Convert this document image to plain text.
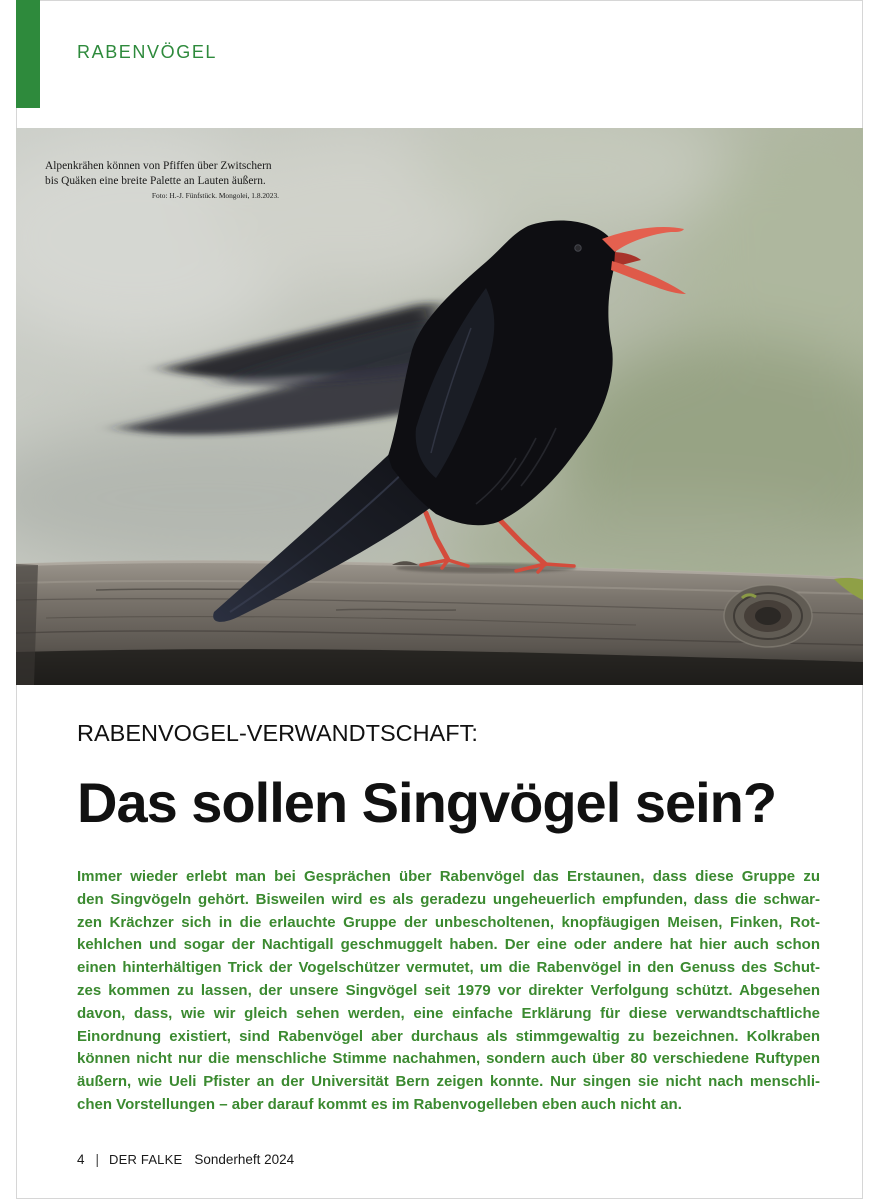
RABENVÖGEL
Alpenkrähen können von Pfiffen über Zwitschern
bis Quäken eine breite Palette an Lauten äußern.
Foto: H.-J. Fünfstück. Mongolei, 1.8.2023.
RABENVOGEL-VERWANDTSCHAFT:
Das sollen Singvögel sein?
Immer wieder erlebt man bei Gesprächen über Rabenvögel das Erstaunen, dass diese Gruppe zu
den Singvögeln gehört. Bisweilen wird es als geradezu ungeheuerlich empfunden, dass die schwar-
zen Krächzer sich in die erlauchte Gruppe der unbescholtenen, knopfäugigen Meisen, Finken, Rot-
kehlchen und sogar der Nachtigall geschmuggelt haben. Der eine oder andere hat hier auch schon
einen hinterhältigen Trick der Vogelschützer vermutet, um die Rabenvögel in den Genuss des Schut-
zes kommen zu lassen, der unsere Singvögel seit 1979 vor direkter Verfolgung schützt. Abgesehen
davon, dass, wie wir gleich sehen werden, eine einfache Erklärung für diese verwandtschaftliche
Einordnung existiert, sind Rabenvögel aber durchaus als stimmgewaltig zu bezeichnen. Kolkraben
können nicht nur die menschliche Stimme nachahmen, sondern auch über 80 verschiedene Ruftypen
äußern, wie Ueli Pfister an der Universität Bern zeigen konnte. Nur singen sie nicht nach menschli-
chen Vorstellungen – aber darauf kommt es im Rabenvogelleben eben auch nicht an.
4 | DER FALKE Sonderheft 2024
